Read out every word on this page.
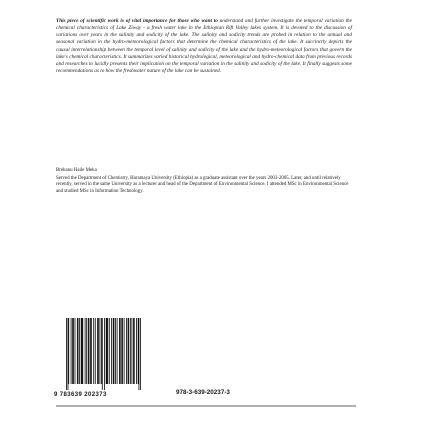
This piece of scientific work is of vital importance for those who want to understand and further investigate the temporal variation the chemical characteristics of Lake Ziway - a fresh water lake in the Ethiopian Rift Valley lakes system. It is devoted to the discussion of variations over years in the salinity and sodicity of the lake. The salinity and sodicity trends are probed in relation to the annual and seasonal variation in the hydro-meteorological factors that determine the chemical characteristics of the lake. It succinctly depicts the causal interrelationship between the temporal level of salinity and sodicity of the lake and the hydro-meteorological factors that govern the lake's chemical characteristics. It summarizes varied historical hydrological, meteorological and hydro-chemical data from previous records and researches to lucidly presents their implication on the temporal variation in the salinity and sodicity of the lake. It finally suggests some recommendations as to how the freshwater nature of the lake can be sustained.
Brehanu Haile Meka
Served the Department of Chemistry, Haramaya University (Ethiopia) as a graduate assistant over the years 2003-2005. Later, and until relatively recently, served in the same University as a lecturer and head of the Department of Environmental Science. I attended MSc in Environmental Science and studied MSc in Information Technology.
9 783639 202373	978-3-639-20237-3
